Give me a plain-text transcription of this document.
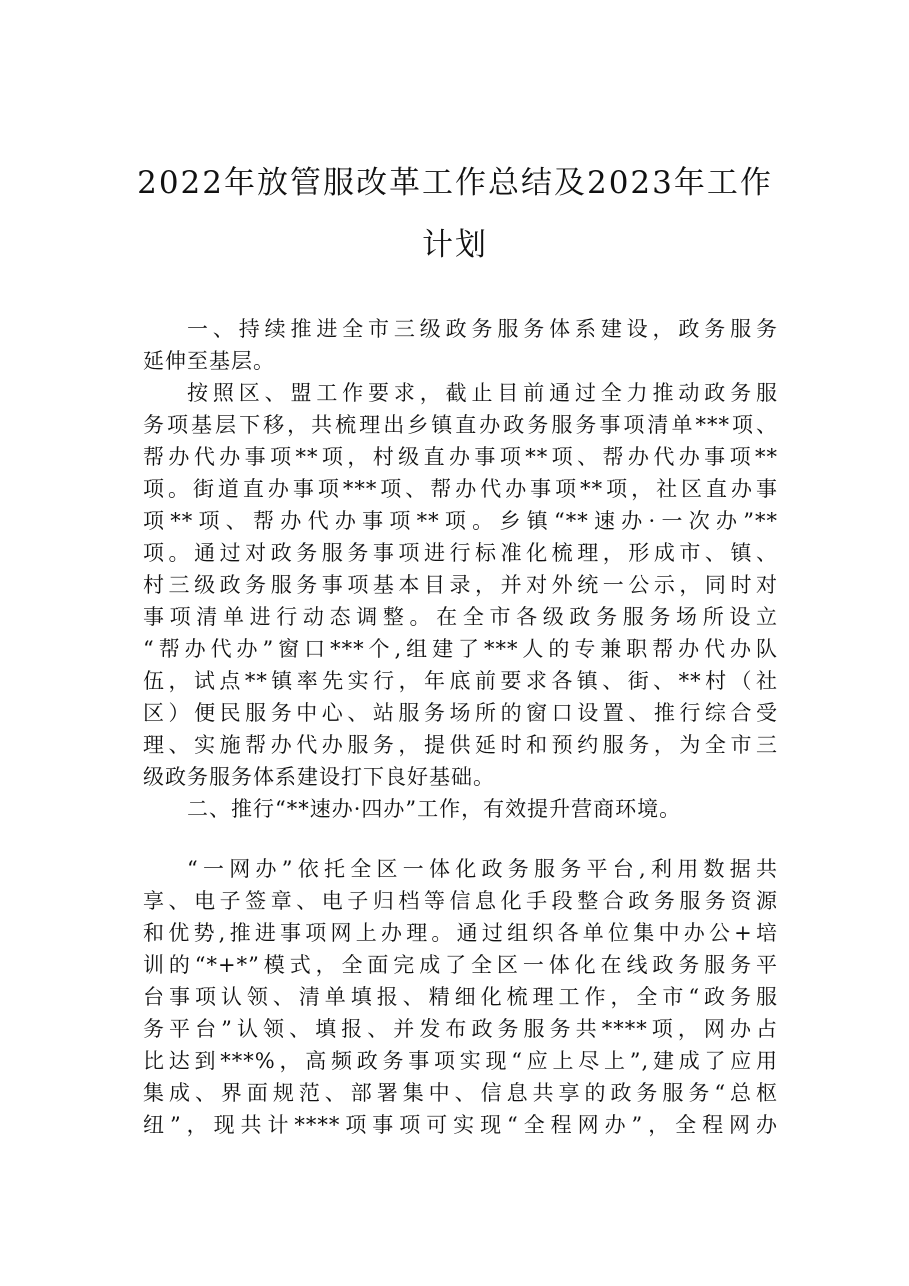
2022年放管服改革工作总结及2023年工作
计划
一、持续推进全市三级政务服务体系建设，政务服务
延伸至基层。
按照区、盟工作要求，截止目前通过全力推动政务服
务项基层下移，共梳理出乡镇直办政务服务事项清单***项、
帮办代办事项**项，村级直办事项**项、帮办代办事项**
项。街道直办事项***项、帮办代办事项**项，社区直办事
项**项、帮办代办事项**项。乡镇“**速办·一次办”**
项。通过对政务服务事项进行标准化梳理，形成市、镇、
村三级政务服务事项基本目录，并对外统一公示，同时对
事项清单进行动态调整。在全市各级政务服务场所设立
“帮办代办”窗口***个,组建了***人的专兼职帮办代办队
伍，试点**镇率先实行，年底前要求各镇、街、**村（社
区）便民服务中心、站服务场所的窗口设置、推行综合受
理、实施帮办代办服务，提供延时和预约服务，为全市三
级政务服务体系建设打下良好基础。
二、推行“**速办·四办”工作，有效提升营商环境。
“一网办”依托全区一体化政务服务平台,利用数据共
享、电子签章、电子归档等信息化手段整合政务服务资源
和优势,推进事项网上办理。通过组织各单位集中办公+培
训的“*+*”模式，全面完成了全区一体化在线政务服务平
台事项认领、清单填报、精细化梳理工作，全市“政务服
务平台”认领、填报、并发布政务服务共****项，网办占
比达到***%，高频政务事项实现“应上尽上”,建成了应用
集成、界面规范、部署集中、信息共享的政务服务“总枢
纽”，现共计****项事项可实现“全程网办”，全程网办
